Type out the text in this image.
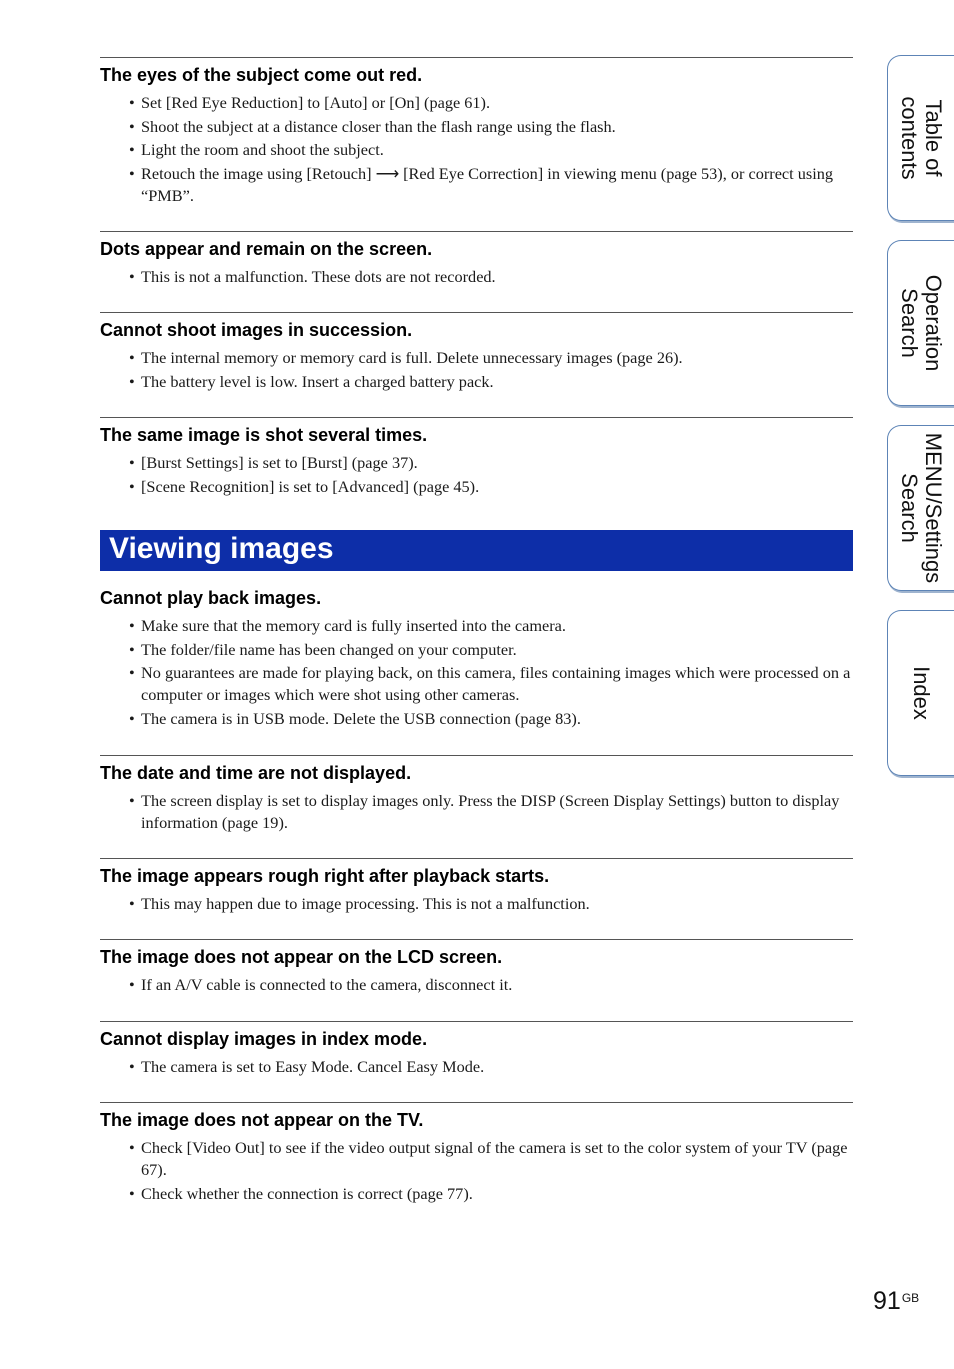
The eyes of the subject come out red.
• Set [Red Eye Reduction] to [Auto] or [On] (page 61).
• Shoot the subject at a distance closer than the flash range using the flash.
• Light the room and shoot the subject.
• Retouch the image using [Retouch] ⟶ [Red Eye Correction] in viewing menu (page 53), or correct using “PMB”.
Dots appear and remain on the screen.
• This is not a malfunction. These dots are not recorded.
Cannot shoot images in succession.
• The internal memory or memory card is full. Delete unnecessary images (page 26).
• The battery level is low. Insert a charged battery pack.
The same image is shot several times.
• [Burst Settings] is set to [Burst] (page 37).
• [Scene Recognition] is set to [Advanced] (page 45).
Viewing images
Cannot play back images.
• Make sure that the memory card is fully inserted into the camera.
• The folder/file name has been changed on your computer.
• No guarantees are made for playing back, on this camera, files containing images which were processed on a computer or images which were shot using other cameras.
• The camera is in USB mode. Delete the USB connection (page 83).
The date and time are not displayed.
• The screen display is set to display images only. Press the DISP (Screen Display Settings) button to display information (page 19).
The image appears rough right after playback starts.
• This may happen due to image processing. This is not a malfunction.
The image does not appear on the LCD screen.
• If an A/V cable is connected to the camera, disconnect it.
Cannot display images in index mode.
• The camera is set to Easy Mode. Cancel Easy Mode.
The image does not appear on the TV.
• Check [Video Out] to see if the video output signal of the camera is set to the color system of your TV (page 67).
• Check whether the connection is correct (page 77).
Table of
contents
Operation
Search
MENU/Settings
Search
Index
$91^{GB}$
